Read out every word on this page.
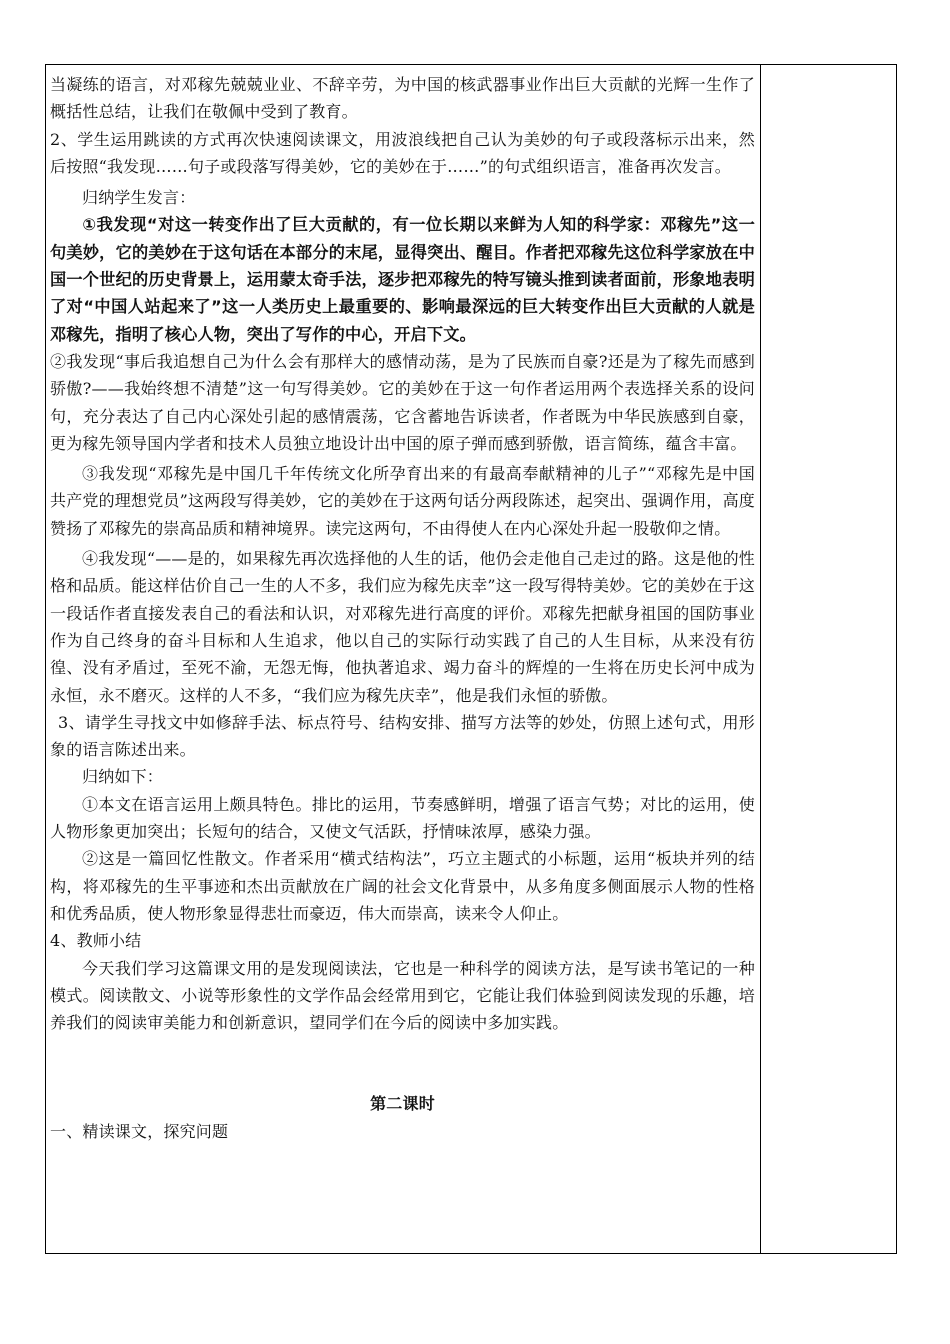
当凝练的语言，对邓稼先兢兢业业、不辞辛劳，为中国的核武器事业作出巨大贡献的光辉一生作了概括性总结，让我们在敬佩中受到了教育。

2、学生运用跳读的方式再次快速阅读课文，用波浪线把自己认为美妙的句子或段落标示出来，然后按照“我发现……句子或段落写得美妙，它的美妙在于……”的句式组织语言，准备再次发言。

归纳学生发言：

①我发现“对这一转变作出了巨大贡献的，有一位长期以来鲜为人知的科学家：邓稼先”这一句美妙，它的美妙在于这句话在本部分的末尾，显得突出、醒目。作者把邓稼先这位科学家放在中国一个世纪的历史背景上，运用蒙太奇手法，逐步把邓稼先的特写镜头推到读者面前，形象地表明了对“中国人站起来了”这一人类历史上最重要的、影响最深远的巨大转变作出巨大贡献的人就是邓稼先，指明了核心人物，突出了写作的中心，开启下文。

②我发现“事后我追想自己为什么会有那样大的感情动荡，是为了民族而自豪?还是为了稼先而感到骄傲?——我始终想不清楚”这一句写得美妙。它的美妙在于这一句作者运用两个表选择关系的设问句，充分表达了自己内心深处引起的感情震荡，它含蓄地告诉读者，作者既为中华民族感到自豪，更为稼先领导国内学者和技术人员独立地设计出中国的原子弹而感到骄傲，语言简练，蕴含丰富。

③我发现“邓稼先是中国几千年传统文化所孕育出来的有最高奉献精神的儿子”“邓稼先是中国共产党的理想党员”这两段写得美妙，它的美妙在于这两句话分两段陈述，起突出、强调作用，高度赞扬了邓稼先的崇高品质和精神境界。读完这两句，不由得使人在内心深处升起一股敬仰之情。

④我发现“——是的，如果稼先再次选择他的人生的话，他仍会走他自己走过的路。这是他的性格和品质。能这样估价自己一生的人不多，我们应为稼先庆幸”这一段写得特美妙。它的美妙在于这一段话作者直接发表自己的看法和认识，对邓稼先进行高度的评价。邓稼先把献身祖国的国防事业作为自己终身的奋斗目标和人生追求，他以自己的实际行动实践了自己的人生目标，从来没有彷徨、没有矛盾过，至死不渝，无怨无悔，他执著追求、竭力奋斗的辉煌的一生将在历史长河中成为永恒，永不磨灭。这样的人不多，“我们应为稼先庆幸”，他是我们永恒的骄傲。

3、请学生寻找文中如修辞手法、标点符号、结构安排、描写方法等的妙处，仿照上述句式，用形象的语言陈述出来。

归纳如下：

①本文在语言运用上颇具特色。排比的运用，节奏感鲜明，增强了语言气势；对比的运用，使人物形象更加突出；长短句的结合，又使文气活跃，抒情味浓厚，感染力强。

②这是一篇回忆性散文。作者采用“横式结构法”，巧立主题式的小标题，运用“板块并列的结构，将邓稼先的生平事迹和杰出贡献放在广阔的社会文化背景中，从多角度多侧面展示人物的性格和优秀品质，使人物形象显得悲壮而豪迈，伟大而崇高，读来令人仰止。

4、教师小结

今天我们学习这篇课文用的是发现阅读法，它也是一种科学的阅读方法，是写读书笔记的一种模式。阅读散文、小说等形象性的文学作品会经常用到它，它能让我们体验到阅读发现的乐趣，培养我们的阅读审美能力和创新意识，望同学们在今后的阅读中多加实践。

第二课时

一、精读课文，探究问题
